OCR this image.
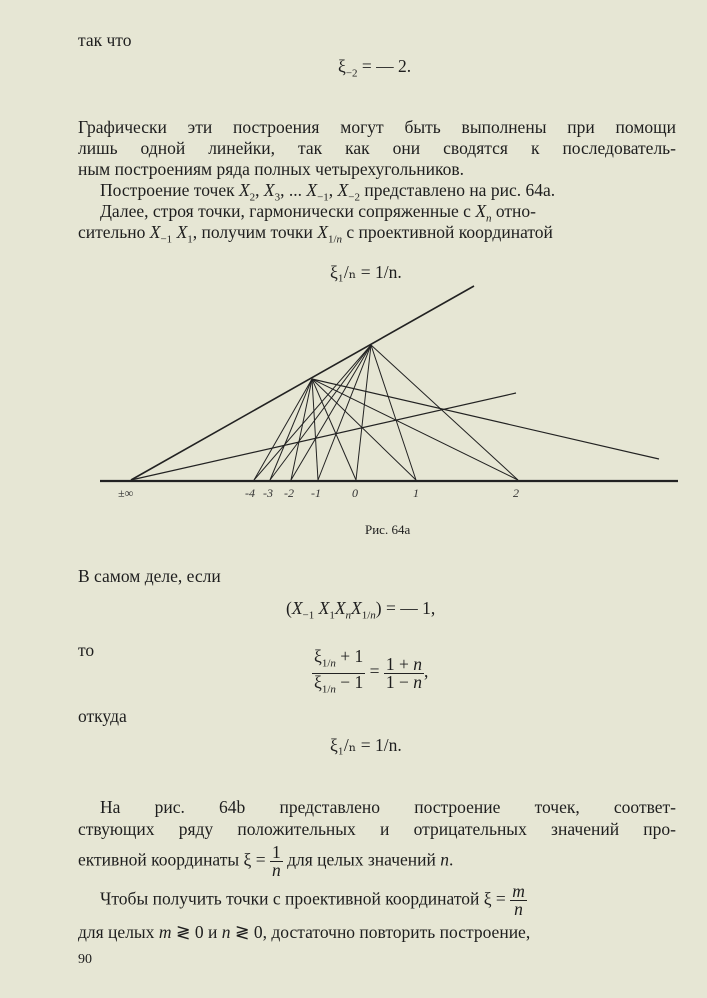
так что
$\xi_{-2}$ = — 2.
Графически эти построения могут быть выполнены при помощи
лишь одной линейки, так как они сводятся к последователь-
ным построениям ряда полных четырехугольников.
Построение точек $X_2$, $X_3$, ... $X_{-1}$, $X_{-2}$ представлено на рис. 64а.
Далее, строя точки, гармонически сопряженные с $X_n$ отно-
сительно $X_{-1}$ $X_1$, получим точки $X_{1/n}$ с проективной координатой
ξ₁/ₙ = 1/n.
±∞	-4 -3 -2 -1	0	1	2
Рис. 64а
В самом деле, если
($X_{-1}$ $X_1X_nX_{1/n}$) = — 1,
то	$\frac{\xi_{1/n} + 1}{\xi_{1/n} - 1} = \frac{1 + n}{1 - n}$ ,
откуда
ξ₁/ₙ = 1/n.
На рис. 64b представлено построение точек, соответ-
ствующих ряду положительных и отрицательных значений про-
ективной координаты $\xi = \frac{1}{n}$ для целых значений n.
Чтобы получить точки с проективной координатой $\xi = \frac{m}{n}$
для целых m ≷ 0 и n ≷ 0, достаточно повторить построение,
90
